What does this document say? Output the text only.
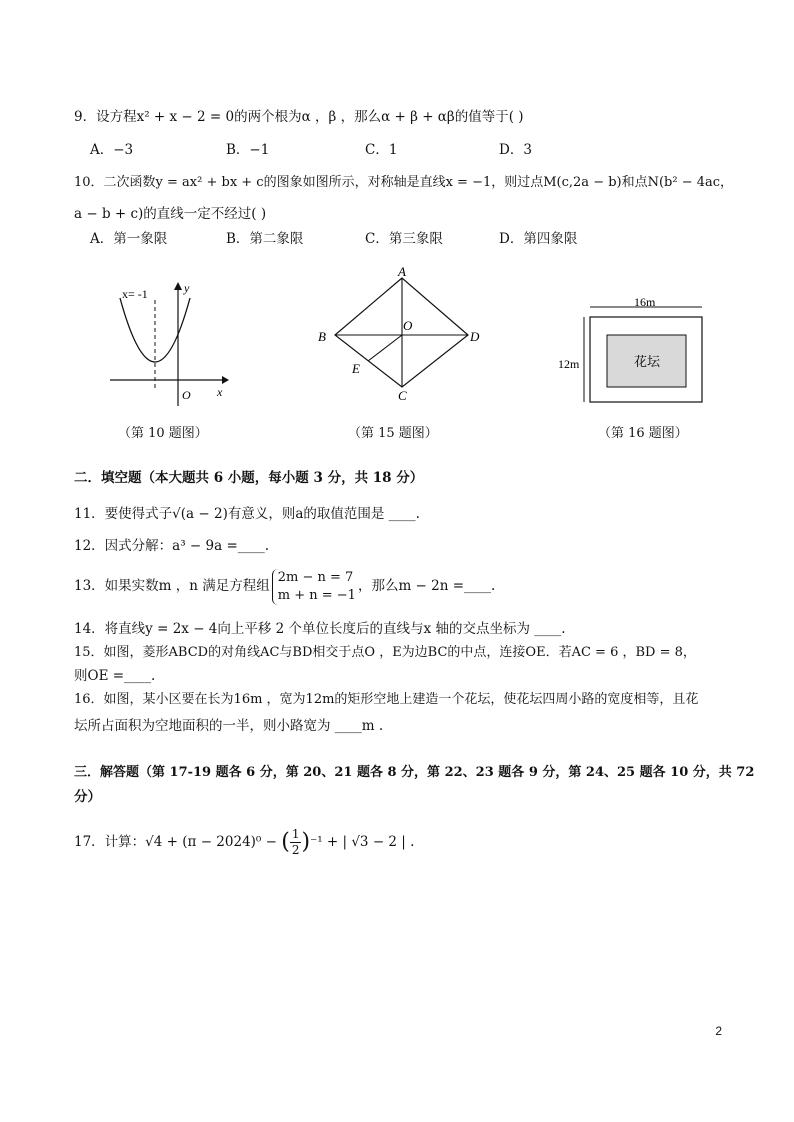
9．设方程x² + x − 2 = 0的两个根为α ，β ，那么α + β + αβ的值等于( )
A．−3	B．−1	C．1	D．3
10．二次函数y = ax² + bx + c的图象如图所示，对称轴是直线x = −1，则过点M(c,2a − b)和点N(b² − 4ac，
a − b + c)的直线一定不经过( )
A．第一象限	B．第二象限	C．第三象限	D．第四象限
x= -1	y
x
O
（第 10 题图）
A
B
C
D
O
E
（第 15 题图）
16m
12m	花坛
（第 16 题图）
二．填空题（本大题共 6 小题，每小题 3 分，共 18 分）
11．要使得式子√(a − 2)有意义，则a的取值范围是 ____.
12．因式分解：a³ − 9a =____.
13．如果实数m ，n 满足方程组
2m − n = 7
m + n = −1
，那么m − 2n =____.
14．将直线y = 2x − 4向上平移 2 个单位长度后的直线与x 轴的交点坐标为 ____.
15．如图，菱形ABCD的对角线AC与BD相交于点O ，E为边BC的中点，连接OE．若AC = 6 ，BD = 8，
则OE =____.
16．如图，某小区要在长为16m ，宽为12m的矩形空地上建造一个花坛，使花坛四周小路的宽度相等，且花
坛所占面积为空地面积的一半，则小路宽为 ____m .
三．解答题（第 17-19 题各 6 分，第 20、21 题各 8 分，第 22、23 题各 9 分，第 24、25 题各 10 分，共 72
分）
17．计算：√4 + (π − 2024)⁰ − ( $\frac{1}{2} )^{-1}$ + | √3 − 2 | .
2
